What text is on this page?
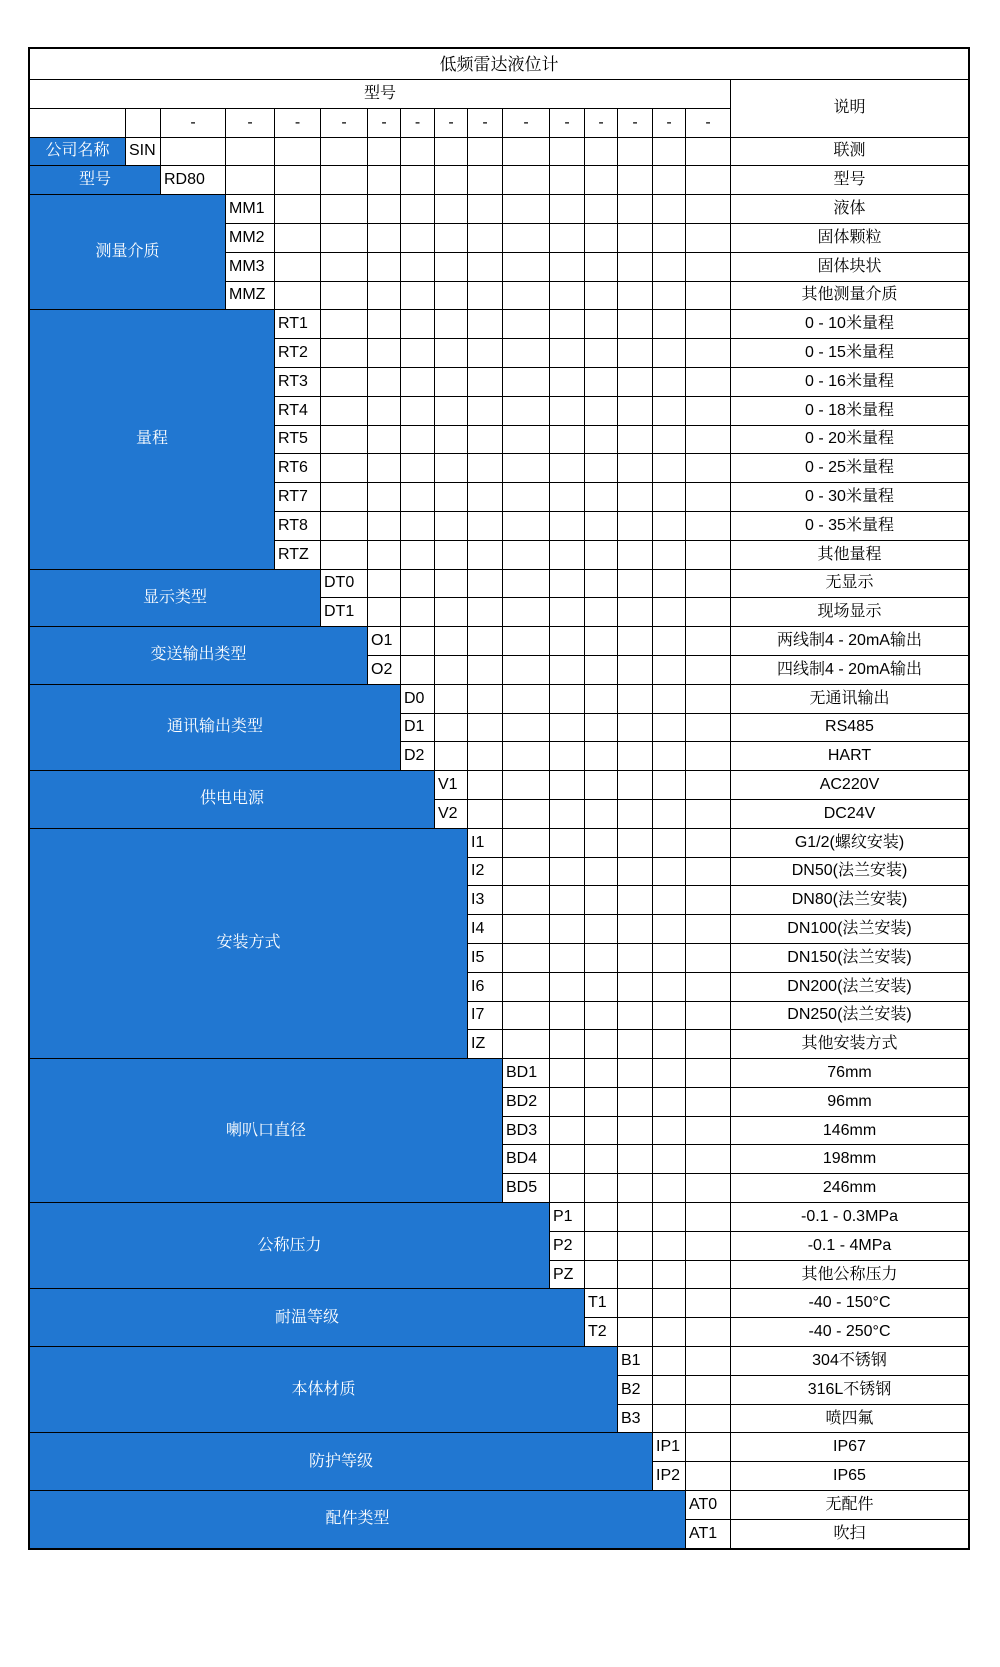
低频雷达液位计
型号
说明
-	-	-	-	-	-	-	-	-	-	-	-	-	-
公司名称	SIN	联测
型号	RD80	型号
测量介质
MM1	液体
MM2	固体颗粒
MM3	固体块状
MMZ	其他测量介质
量程
RT1	0 - 10米量程
RT2	0 - 15米量程
RT3	0 - 16米量程
RT4	0 - 18米量程
RT5	0 - 20米量程
RT6	0 - 25米量程
RT7	0 - 30米量程
RT8	0 - 35米量程
RTZ	其他量程
显示类型
DT0	无显示
DT1	现场显示
变送输出类型
O1	两线制4 - 20mA输出
O2	四线制4 - 20mA输出
通讯输出类型
D0	无通讯输出
D1	RS485
D2	HART
供电电源
V1	AC220V
V2	DC24V
安装方式
I1	G1/2(螺纹安装)
I2	DN50(法兰安装)
I3	DN80(法兰安装)
I4	DN100(法兰安装)
I5	DN150(法兰安装)
I6	DN200(法兰安装)
I7	DN250(法兰安装)
IZ	其他安装方式
喇叭口直径
BD1	76mm
BD2	96mm
BD3	146mm
BD4	198mm
BD5	246mm
公称压力
P1	-0.1 - 0.3MPa
P2	-0.1 - 4MPa
PZ	其他公称压力
耐温等级
T1	-40 - 150°C
T2	-40 - 250°C
本体材质
B1	304不锈钢
B2	316L不锈钢
B3	喷四氟
防护等级
IP1	IP67
IP2	IP65
配件类型
AT0	无配件
AT1	吹扫
